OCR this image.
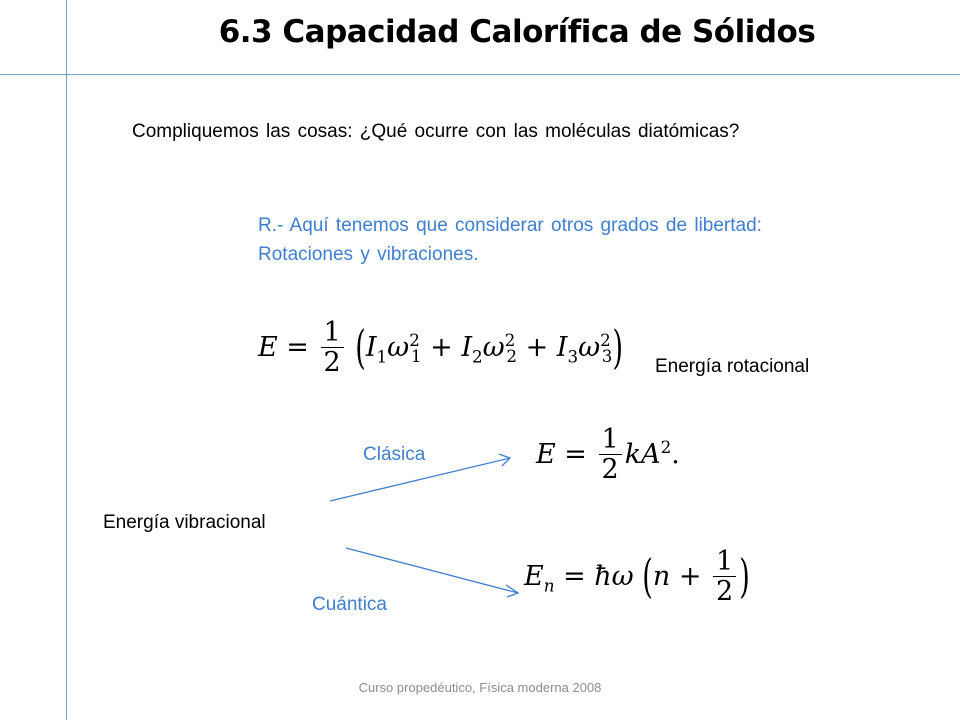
6.3 Capacidad Calorífica de Sólidos
Compliquemos las cosas: ¿Qué ocurre con las moléculas diatómicas?
R.- Aquí tenemos que considerar otros grados de libertad:
Rotaciones y vibraciones.
$E = \frac{1}{2} (I_1\omega^2_1 + I_2\omega^2_2 + I_3\omega^2_3)$ Energía rotacional
Clásica	$E = \frac{1}{2} kA^2$.
Energía vibracional
$E_n$ = ħω ($n + \frac{1}{2}$ )
Cuántica
Curso propedéutico, Física moderna 2008
